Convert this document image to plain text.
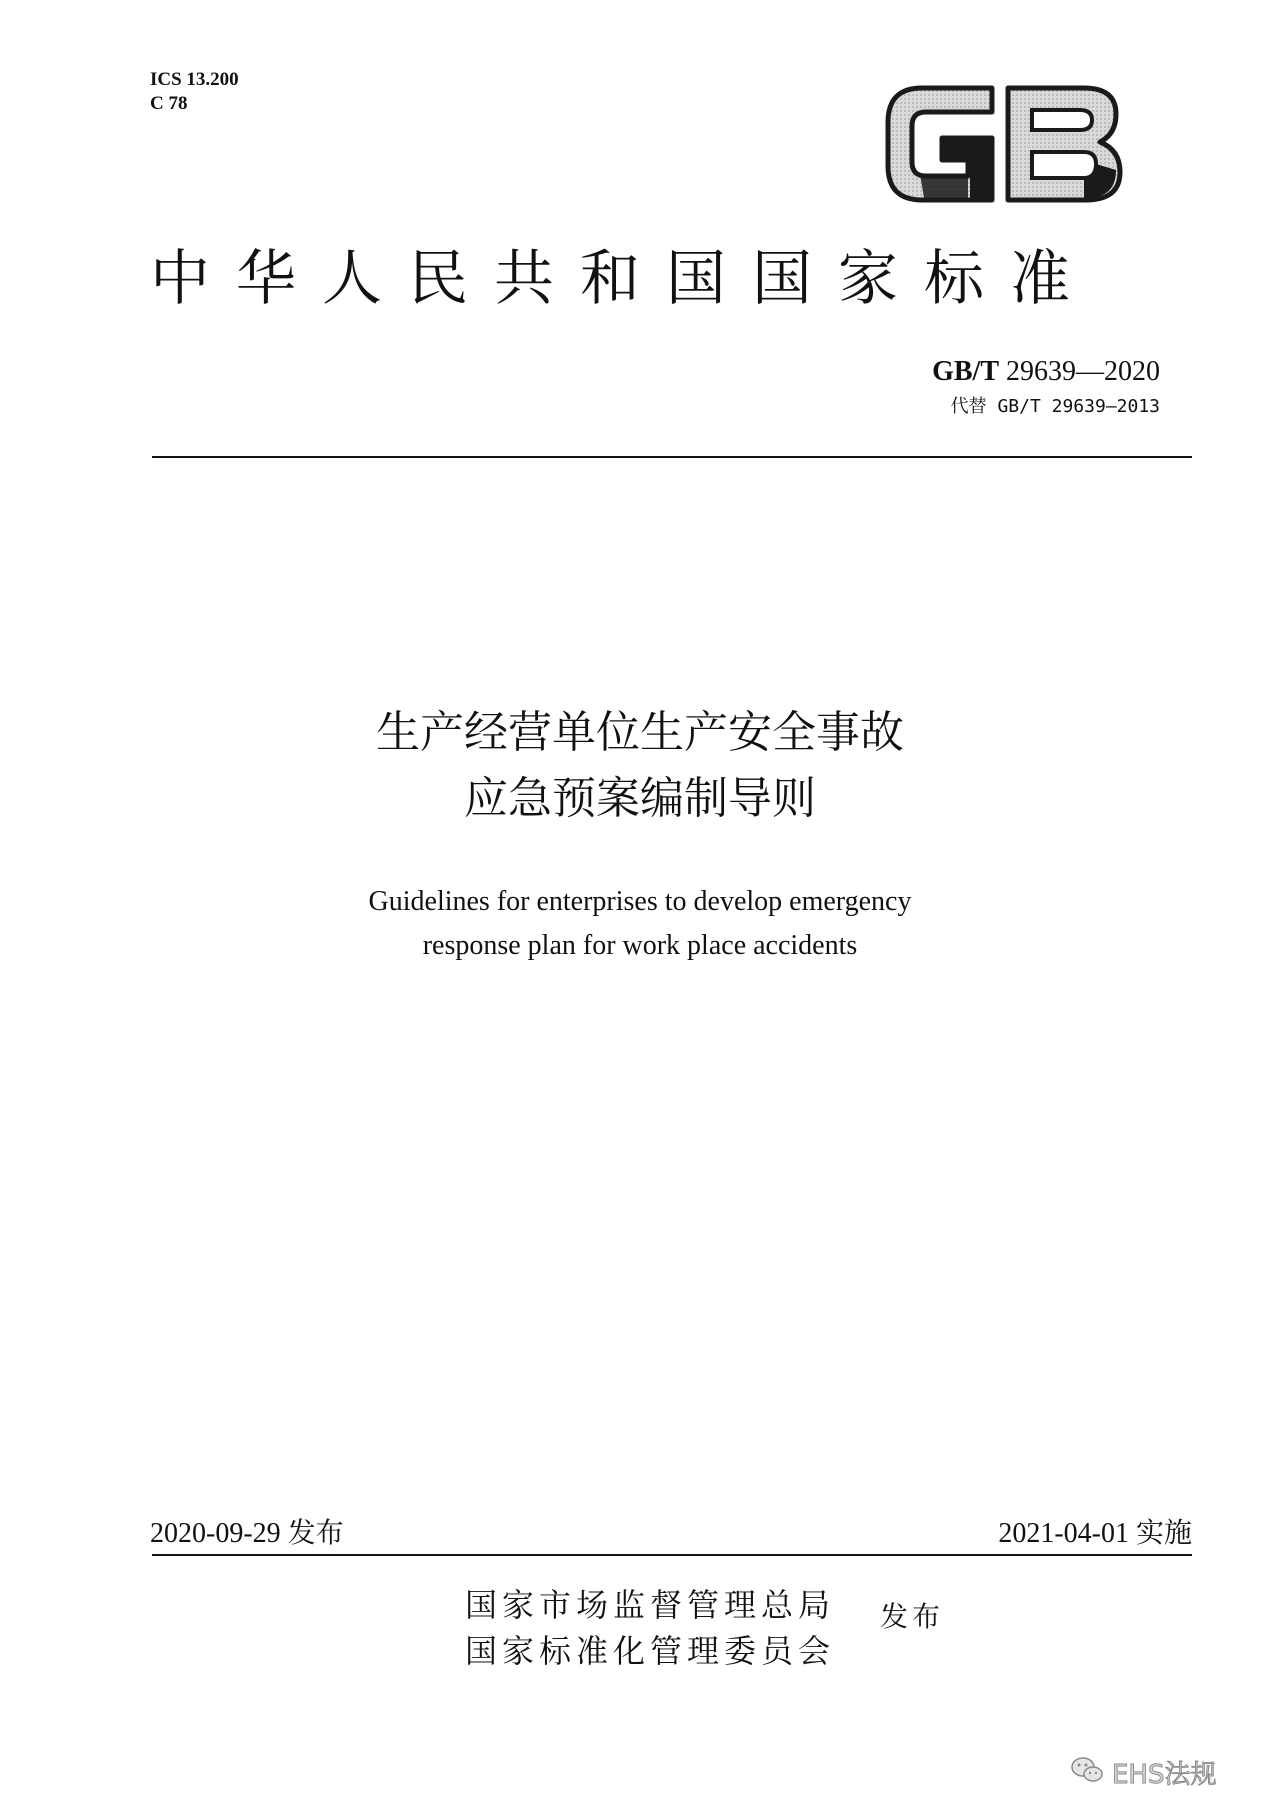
ICS 13.200
C 78
中华人民共和国国家标准
GB/T 29639—2020
代替 GB/T 29639—2013
生产经营单位生产安全事故
应急预案编制导则
Guidelines for enterprises to develop emergency
response plan for work place accidents
2020-09-29 发布	2021-04-01 实施
国家市场监督管理总局
国家标准化管理委员会
发布
EHS法规
